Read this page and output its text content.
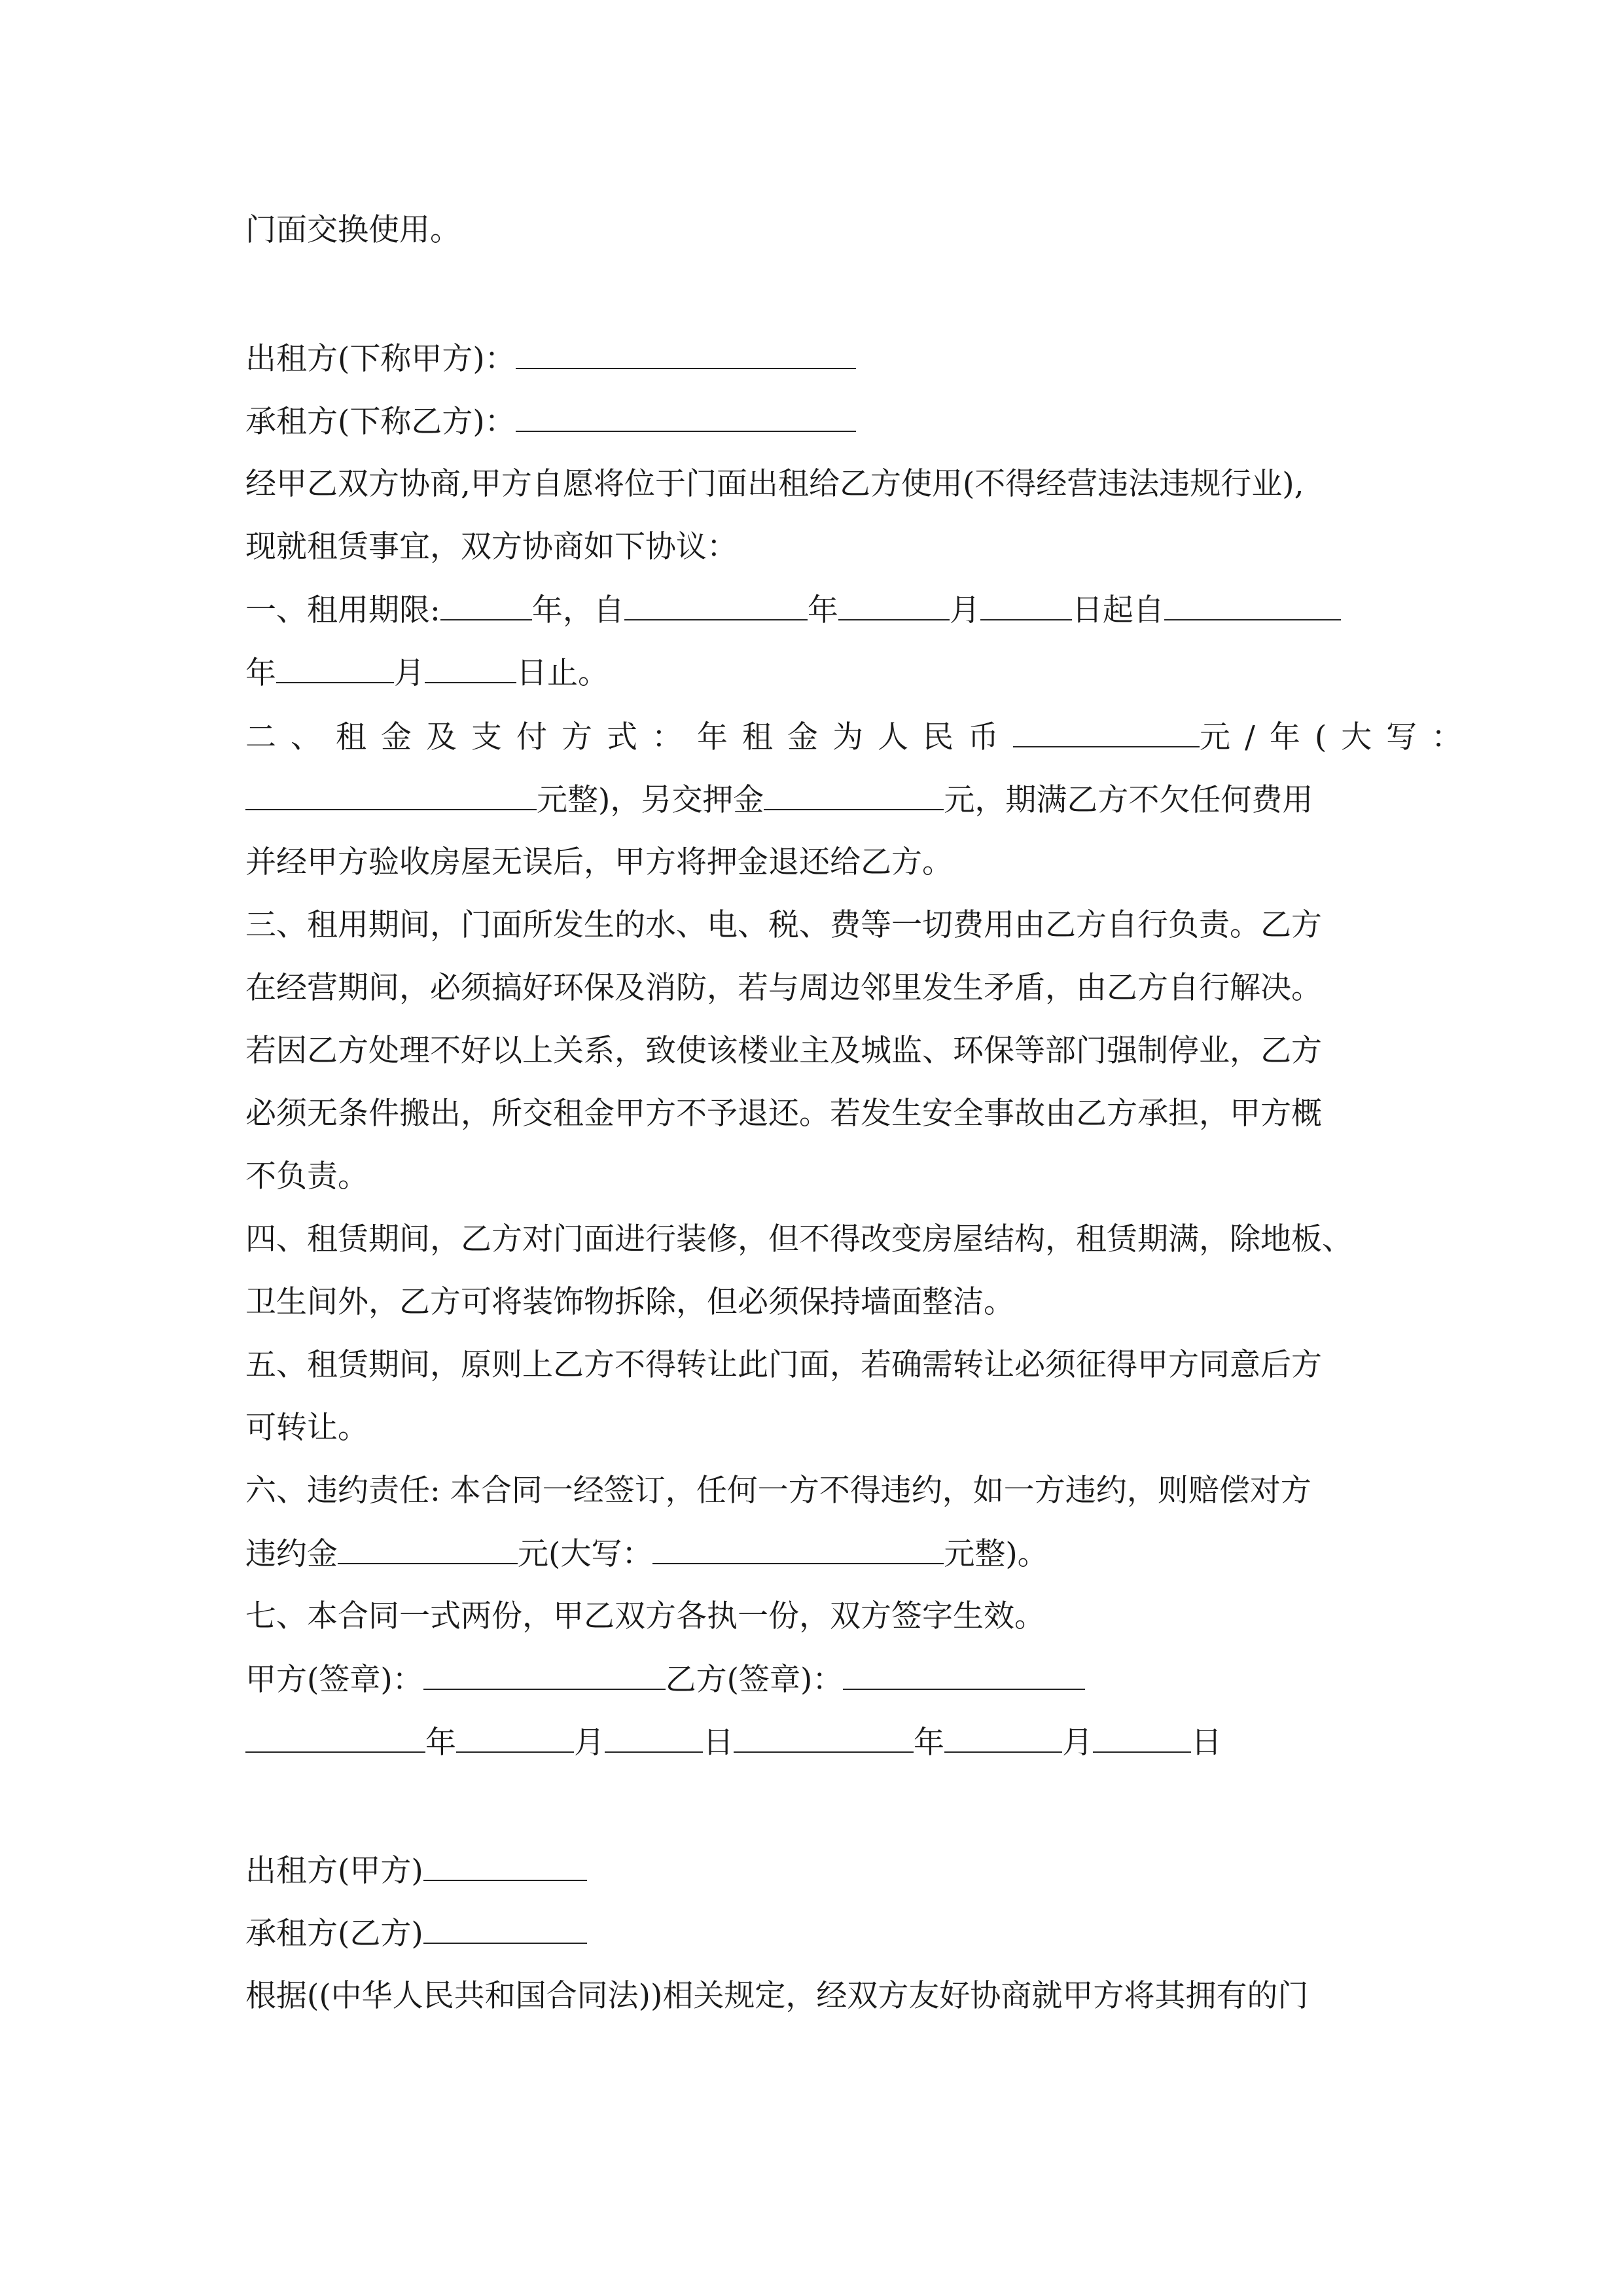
门面交换使用。
出租方(下称甲方)：
承租方(下称乙方)：
经甲乙双方协商,甲方自愿将位于门面出租给乙方使用(不得经营违法违规行业),
现就租赁事宜，双方协商如下协议：
一、租用期限:	年，自	年	月	日起自
年	月	日止。
二、租金及支付方式：年租金为人民币	元/年(大写：
元整)，另交押金	元，期满乙方不欠任何费用
并经甲方验收房屋无误后，甲方将押金退还给乙方。
三、租用期间，门面所发生的水、电、税、费等一切费用由乙方自行负责。乙方
在经营期间，必须搞好环保及消防，若与周边邻里发生矛盾，由乙方自行解决。
若因乙方处理不好以上关系，致使该楼业主及城监、环保等部门强制停业，乙方
必须无条件搬出，所交租金甲方不予退还。若发生安全事故由乙方承担，甲方概
不负责。
四、租赁期间，乙方对门面进行装修，但不得改变房屋结构，租赁期满，除地板、
卫生间外，乙方可将装饰物拆除，但必须保持墙面整洁。
五、租赁期间，原则上乙方不得转让此门面，若确需转让必须征得甲方同意后方
可转让。
六、违约责任: 本合同一经签订，任何一方不得违约，如一方违约，则赔偿对方
违约金	元(大写：	元整)。
七、本合同一式两份，甲乙双方各执一份，双方签字生效。
甲方(签章)：	乙方(签章)：
年	月	日	年	月	日
出租方(甲方)
承租方(乙方)
根据((中华人民共和国合同法))相关规定，经双方友好协商就甲方将其拥有的门
